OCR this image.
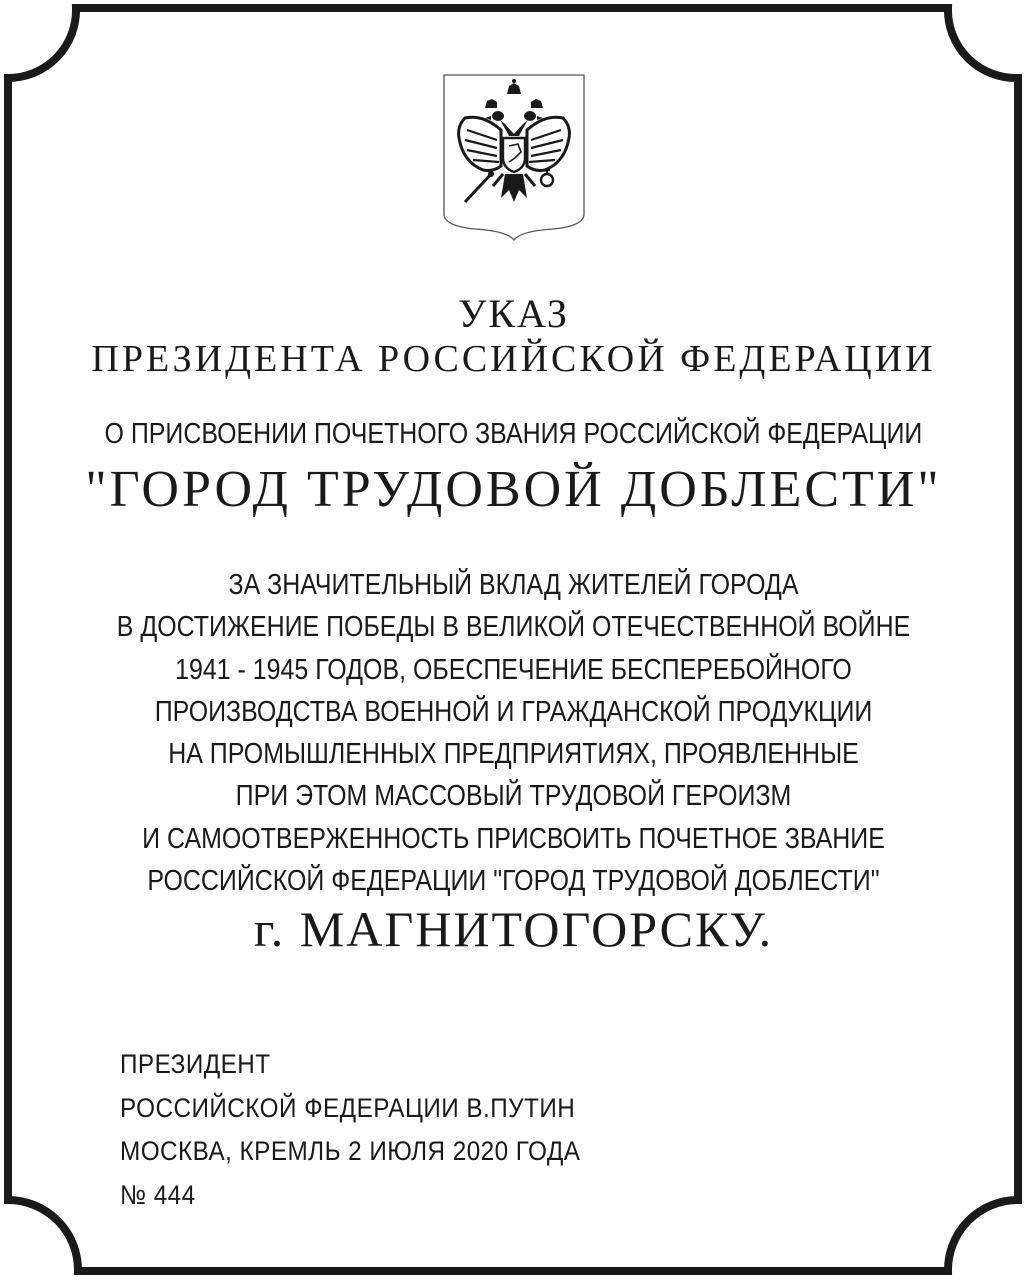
УКАЗ
ПРЕЗИДЕНТА РОССИЙСКОЙ ФЕДЕРАЦИИ
О ПРИСВОЕНИИ ПОЧЕТНОГО ЗВАНИЯ РОССИЙСКОЙ ФЕДЕРАЦИИ
"ГОРОД ТРУДОВОЙ ДОБЛЕСТИ"
ЗА ЗНАЧИТЕЛЬНЫЙ ВКЛАД ЖИТЕЛЕЙ ГОРОДА
В ДОСТИЖЕНИЕ ПОБЕДЫ В ВЕЛИКОЙ ОТЕЧЕСТВЕННОЙ ВОЙНЕ
1941 - 1945 ГОДОВ, ОБЕСПЕЧЕНИЕ БЕСПЕРЕБОЙНОГО
ПРОИЗВОДСТВА ВОЕННОЙ И ГРАЖДАНСКОЙ ПРОДУКЦИИ
НА ПРОМЫШЛЕННЫХ ПРЕДПРИЯТИЯХ, ПРОЯВЛЕННЫЕ
ПРИ ЭТОМ МАССОВЫЙ ТРУДОВОЙ ГЕРОИЗМ
И САМООТВЕРЖЕННОСТЬ ПРИСВОИТЬ ПОЧЕТНОЕ ЗВАНИЕ
РОССИЙСКОЙ ФЕДЕРАЦИИ "ГОРОД ТРУДОВОЙ ДОБЛЕСТИ"
г. МАГНИТОГОРСКУ.
ПРЕЗИДЕНТ
РОССИЙСКОЙ ФЕДЕРАЦИИ В.ПУТИН
МОСКВА, КРЕМЛЬ 2 ИЮЛЯ 2020 ГОДА
№ 444
